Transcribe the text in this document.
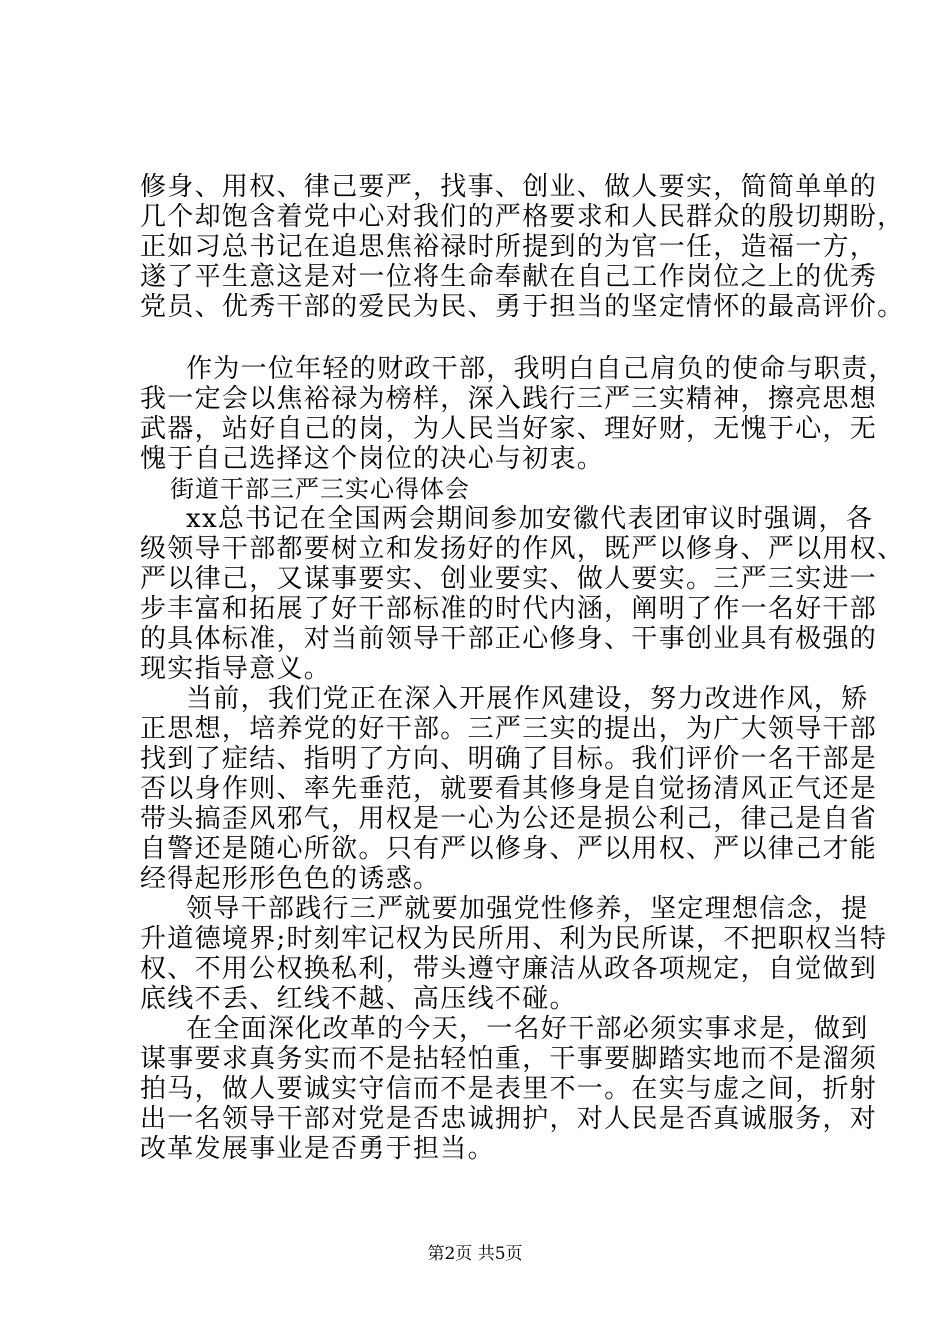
修身、用权、律己要严，找事、创业、做人要实，简简单单的
几个却饱含着党中心对我们的严格要求和人民群众的殷切期盼，
正如习总书记在追思焦裕禄时所提到的为官一任，造福一方，
遂了平生意这是对一位将生命奉献在自己工作岗位之上的优秀
党员、优秀干部的爱民为民、勇于担当的坚定情怀的最高评价。
作为一位年轻的财政干部，我明白自己肩负的使命与职责，
我一定会以焦裕禄为榜样，深入践行三严三实精神，擦亮思想
武器，站好自己的岗，为人民当好家、理好财，无愧于心，无
愧于自己选择这个岗位的决心与初衷。
街道干部三严三实心得体会
xx总书记在全国两会期间参加安徽代表团审议时强调，各
级领导干部都要树立和发扬好的作风，既严以修身、严以用权、
严以律己，又谋事要实、创业要实、做人要实。三严三实进一
步丰富和拓展了好干部标准的时代内涵，阐明了作一名好干部
的具体标准，对当前领导干部正心修身、干事创业具有极强的
现实指导意义。
当前，我们党正在深入开展作风建设，努力改进作风，矫
正思想，培养党的好干部。三严三实的提出，为广大领导干部
找到了症结、指明了方向、明确了目标。我们评价一名干部是
否以身作则、率先垂范，就要看其修身是自觉扬清风正气还是
带头搞歪风邪气，用权是一心为公还是损公利己，律己是自省
自警还是随心所欲。只有严以修身、严以用权、严以律己才能
经得起形形色色的诱惑。
领导干部践行三严就要加强党性修养，坚定理想信念，提
升道德境界;时刻牢记权为民所用、利为民所谋，不把职权当特
权、不用公权换私利，带头遵守廉洁从政各项规定，自觉做到
底线不丢、红线不越、高压线不碰。
在全面深化改革的今天，一名好干部必须实事求是，做到
谋事要求真务实而不是拈轻怕重，干事要脚踏实地而不是溜须
拍马，做人要诚实守信而不是表里不一。在实与虚之间，折射
出一名领导干部对党是否忠诚拥护，对人民是否真诚服务，对
改革发展事业是否勇于担当。
第2页 共5页
